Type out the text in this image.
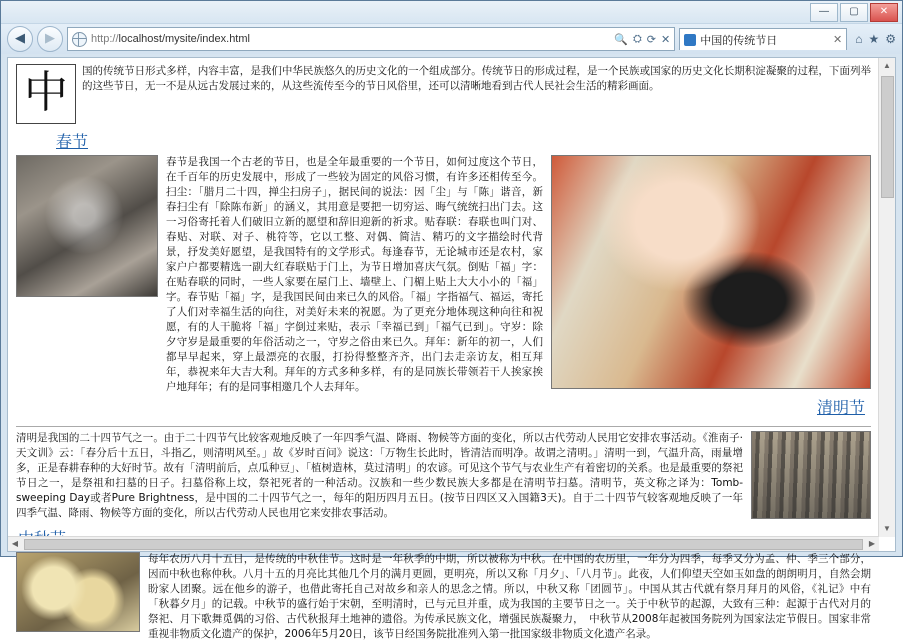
—	▢	✕
◀	▶	http://localhost/mysite/index.html	🔍 ⛭ ⟳ ✕	中国的传统节日	✕ ⌂ ★ ⚙
中	国的传统节日形式多样，内容丰富，是我们中华民族悠久的历史文化的一个组成部分。传统节日的形成过程，是一个民族或国家的历史文化长期积淀凝聚的过程，下面列举的这些节日，无一不是从远古发展过来的，从这些流传至今的节日风俗里，还可以清晰地看到古代人民社会生活的精彩画面。
春节
春节是我国一个古老的节日，也是全年最重要的一个节日，如何过度这个节日，在千百年的历史发展中，形成了一些较为固定的风俗习惯，有许多还相传至今。扫尘：「腊月二十四，掸尘扫房子」，据民间的说法：因「尘」与「陈」谐音，新春扫尘有「除陈布新」的涵义，其用意是要把一切穷运、晦气统统扫出门去。这一习俗寄托着人们破旧立新的愿望和辞旧迎新的祈求。贴春联：春联也叫门对、春贴、对联、对子、桃符等，它以工整、对偶、简洁、精巧的文字描绘时代背景，抒发美好愿望，是我国特有的文学形式。每逢春节，无论城市还是农村，家家户户都要精选一副大红春联贴于门上，为节日增加喜庆气氛。倒贴「福」字：在贴春联的同时，一些人家要在屋门上、墙壁上、门楣上贴上大大小小的「福」字。春节贴「福」字，是我国民间由来已久的风俗。「福」字指福气、福运，寄托了人们对幸福生活的向往，对美好未来的祝愿。为了更充分地体现这种向往和祝愿，有的人干脆将「福」字倒过来贴，表示「幸福已到」「福气已到」。守岁：除夕守岁是最重要的年俗活动之一，守岁之俗由来已久。拜年：新年的初一，人们都早早起来，穿上最漂亮的衣服，打扮得整整齐齐，出门去走亲访友，相互拜年，恭祝来年大吉大利。拜年的方式多种多样，有的是同族长带领若干人挨家挨户地拜年；有的是同事相邀几个人去拜年。
清明节
清明是我国的二十四节气之一。由于二十四节气比较客观地反映了一年四季气温、降雨、物候等方面的变化，所以古代劳动人民用它安排农事活动。《淮南子·天文训》云：「春分后十五日，斗指乙，则清明风至。」故《岁时百问》说这：「万物生长此时，皆清洁而明净。故谓之清明。」清明一到，气温升高，雨量增多，正是春耕春种的大好时节。故有「清明前后，点瓜种豆」、「植树造林，莫过清明」的农谚。可见这个节气与农业生产有着密切的关系。也是最重要的祭祀节日之一，是祭祖和扫墓的日子。扫墓俗称上坟，祭祀死者的一种活动。汉族和一些少数民族大多都是在清明节扫墓。清明节，英文称之译为：Tomb-sweeping Day或者Pure Brightness，是中国的二十四节气之一，每年的阳历四月五日。(按节日四区又入国籍3天)。自于二十四节气较客观地反映了一年四季气温、降雨、物候等方面的变化，所以古代劳动人民也用它来安排农事活动。
每年农历八月十五日，是传统的中秋佳节。这时是一年秋季的中期，所以被称为中秋。在中国的农历里，一年分为四季，每季又分为孟、仲、季三个部分，因而中秋也称仲秋。八月十五的月亮比其他几个月的满月更圆，更明亮，所以又称「月夕」、「八月节」。此夜，人们仰望天空如玉如盘的朗朗明月，自然会期盼家人团聚。远在他乡的游子，也借此寄托自己对故乡和亲人的思念之情。所以，中秋又称「团圆节」。中国从其古代就有祭月拜月的风俗，《礼记》中有「秋暮夕月」的记载。中秋节的盛行始于宋朝，至明清时，已与元旦并重，成为我国的主要节日之一。关于中秋节的起源，大致有三种：起源于古代对月的祭祀、月下歌舞觅偶的习俗、古代秋报拜土地神的遗俗。为传承民族文化，增强民族凝聚力，　中秋节从2008年起被国务院列为国家法定节假日。国家非常重视非物质文化遗产的保护，2006年5月20日，该节日经国务院批准列入第一批国家级非物质文化遗产名录。
▲
▼
◀	▶
